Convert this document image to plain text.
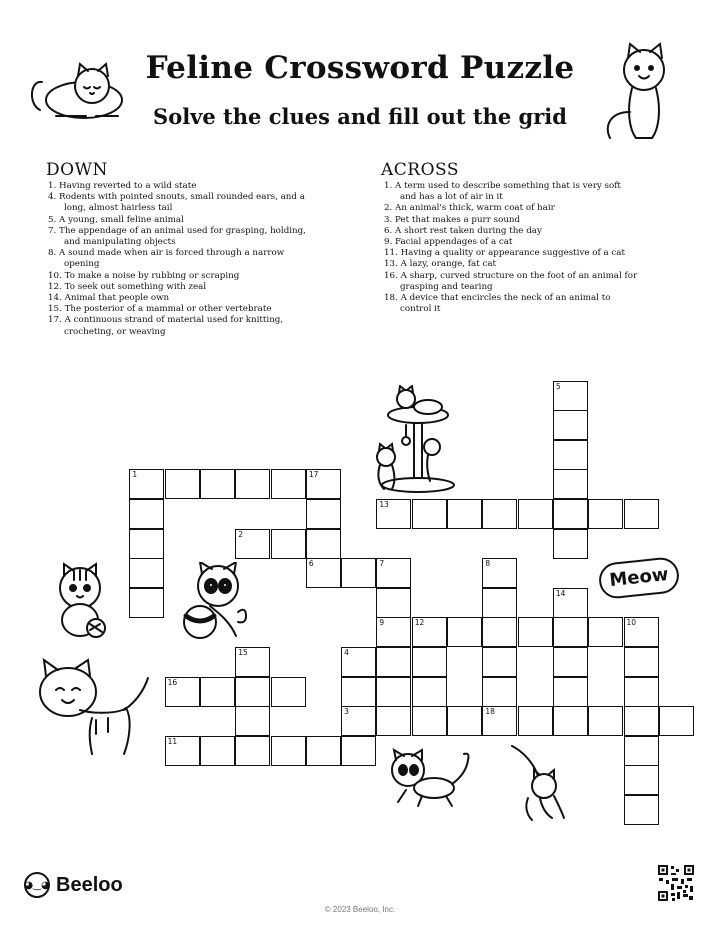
Feline Crossword Puzzle
Solve the clues and fill out the grid
DOWN
1. Having reverted to a wild state
4. Rodents with pointed snouts, small rounded ears, and a long, almost hairless tail
5. A young, small feline animal
7. The appendage of an animal used for grasping, holding, and manipulating objects
8. A sound made when air is forced through a narrow opening
10. To make a noise by rubbing or scraping
12. To seek out something with zeal
14. Animal that people own
15. The posterior of a mammal or other vertebrate
17. A continuous strand of material used for knitting, crocheting, or weaving
ACROSS
1. A term used to describe something that is very soft and has a lot of air in it
2. An animal's thick, warm coat of hair
3. Pet that makes a purr sound
6. A short rest taken during the day
9. Facial appendages of a cat
11. Having a quality or appearance suggestive of a cat
13. A lazy, orange, fat cat
16. A sharp, curved structure on the foot of an animal for grasping and tearing
18. A device that encircles the neck of an animal to control it
1	17
2
3
6	7
9	12	10
11
13
16
18
4
5
8
14
15
Meow
◕‿◕ Beeloo
© 2023 Beeloo, Inc.
